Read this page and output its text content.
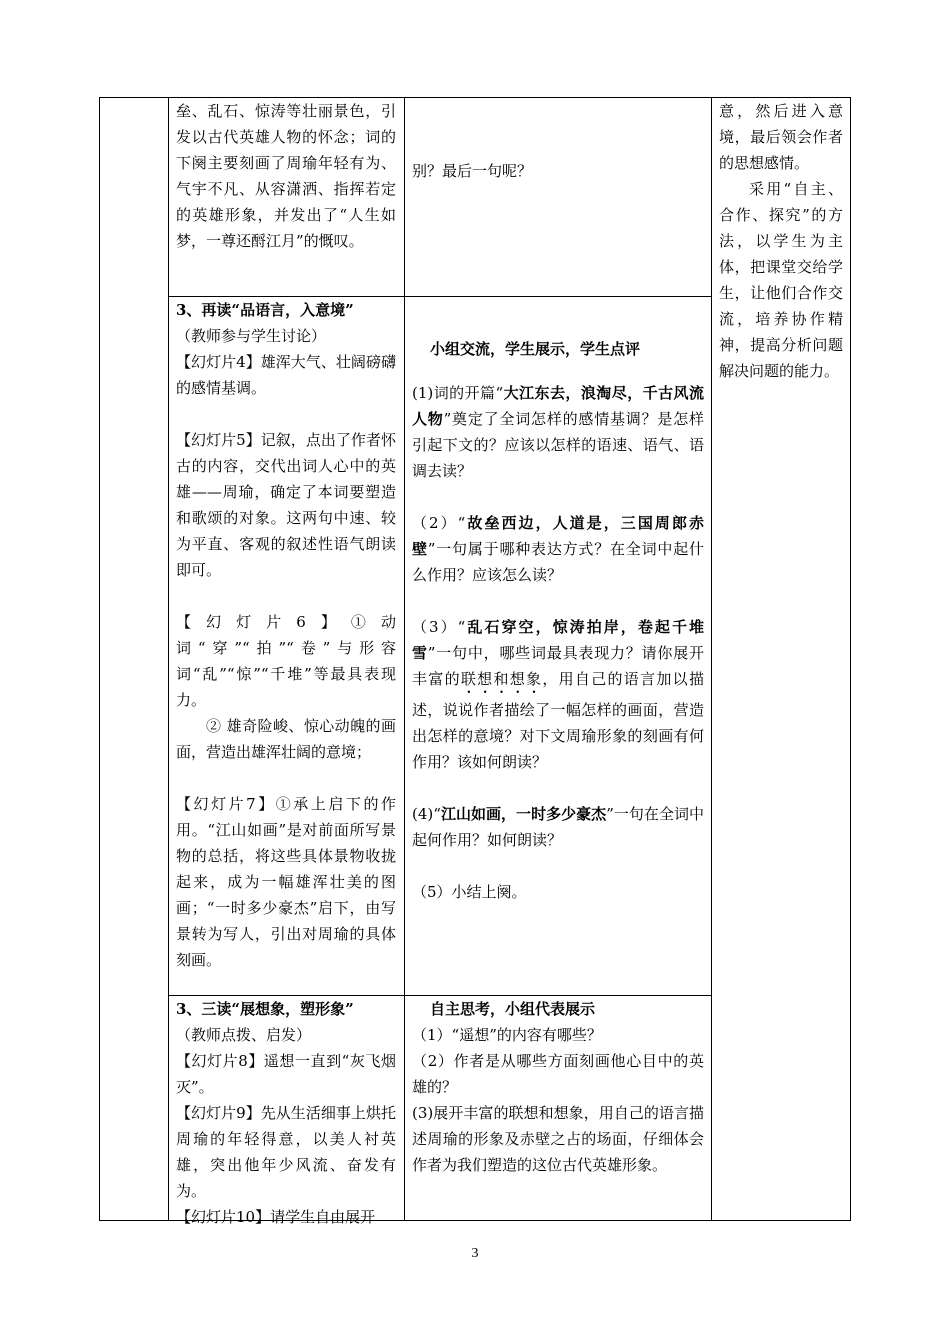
垒、乱石、惊涛等壮丽景色，引发以古代英雄人物的怀念；词的下阕主要刻画了周瑜年轻有为、气宇不凡、从容潇洒、指挥若定的英雄形象，并发出了“人生如梦，一尊还酹江月”的慨叹。

别？最后一句呢？

意，然后进入意境，最后领会作者的思想感情。

采用“自主、合作、探究”的方法，以学生为主体，把课堂交给学生，让他们合作交流，培养协作精神，提高分析问题解决问题的能力。

3、再读“品语言，入意境”

（教师参与学生讨论）

【幻灯片4】雄浑大气、壮阔磅礴的感情基调。

【幻灯片5】记叙，点出了作者怀古的内容，交代出词人心中的英雄——周瑜，确定了本词要塑造和歌颂的对象。这两句中速、较为平直、客观的叙述性语气朗读即可。

【幻灯片6】①动词“穿”“拍”“卷”与形容词“乱”“惊”“千堆”等最具表现力。

② 雄奇险峻、惊心动魄的画面，营造出雄浑壮阔的意境；

【幻灯片7】①承上启下的作用。“江山如画”是对前面所写景物的总括，将这些具体景物收拢起来，成为一幅雄浑壮美的图画；“一时多少豪杰”启下，由写景转为写人，引出对周瑜的具体刻画。

小组交流，学生展示，学生点评

(1)词的开篇“大江东去，浪淘尽，千古风流人物”奠定了全词怎样的感情基调？是怎样引起下文的？应该以怎样的语速、语气、语调去读？

（2）“故垒西边，人道是，三国周郎赤壁”一句属于哪种表达方式？在全词中起什么作用？应该怎么读？

（3）“乱石穿空，惊涛拍岸，卷起千堆雪”一句中，哪些词最具表现力？请你展开丰富的联想和想象，用自己的语言加以描述，说说作者描绘了一幅怎样的画面，营造出怎样的意境？对下文周瑜形象的刻画有何作用？该如何朗读？

(4)“江山如画，一时多少豪杰”一句在全词中起何作用？如何朗读？

（5）小结上阕。

3、三读“展想象，塑形象”

（教师点拨、启发）

【幻灯片8】遥想一直到“灰飞烟灭”。

【幻灯片9】先从生活细事上烘托周瑜的年轻得意，以美人衬英雄，突出他年少风流、奋发有为。

【幻灯片10】请学生自由展开

自主思考，小组代表展示

（1）“遥想”的内容有哪些？

（2）作者是从哪些方面刻画他心目中的英雄的？

(3)展开丰富的联想和想象，用自己的语言描述周瑜的形象及赤壁之占的场面，仔细体会作者为我们塑造的这位古代英雄形象。

3
